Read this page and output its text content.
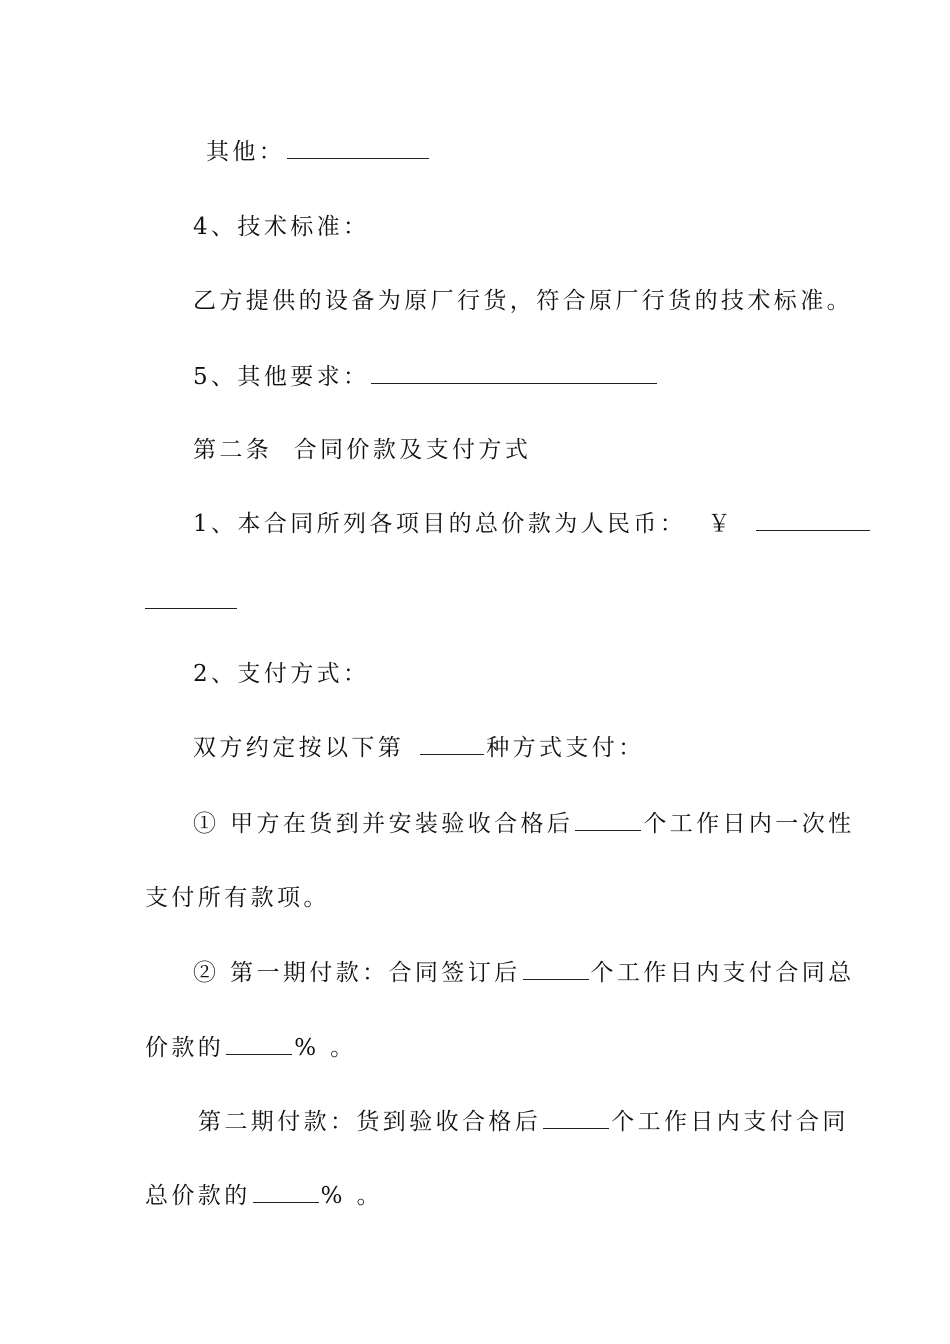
其他：
4、技术标准：
乙方提供的设备为原厂行货，符合原厂行货的技术标准。
5、其他要求：
第二条  合同价款及支付方式
1、本合同所列各项目的总价款为人民币：  ￥
2、支付方式：
双方约定按以下第	种方式支付：
① 甲方在货到并安装验收合格后	个工作日内一次性
支付所有款项。
② 第一期付款：合同签订后	个工作日内支付合同总
价款的	% 。
第二期付款：货到验收合格后	个工作日内支付合同
总价款的	% 。
